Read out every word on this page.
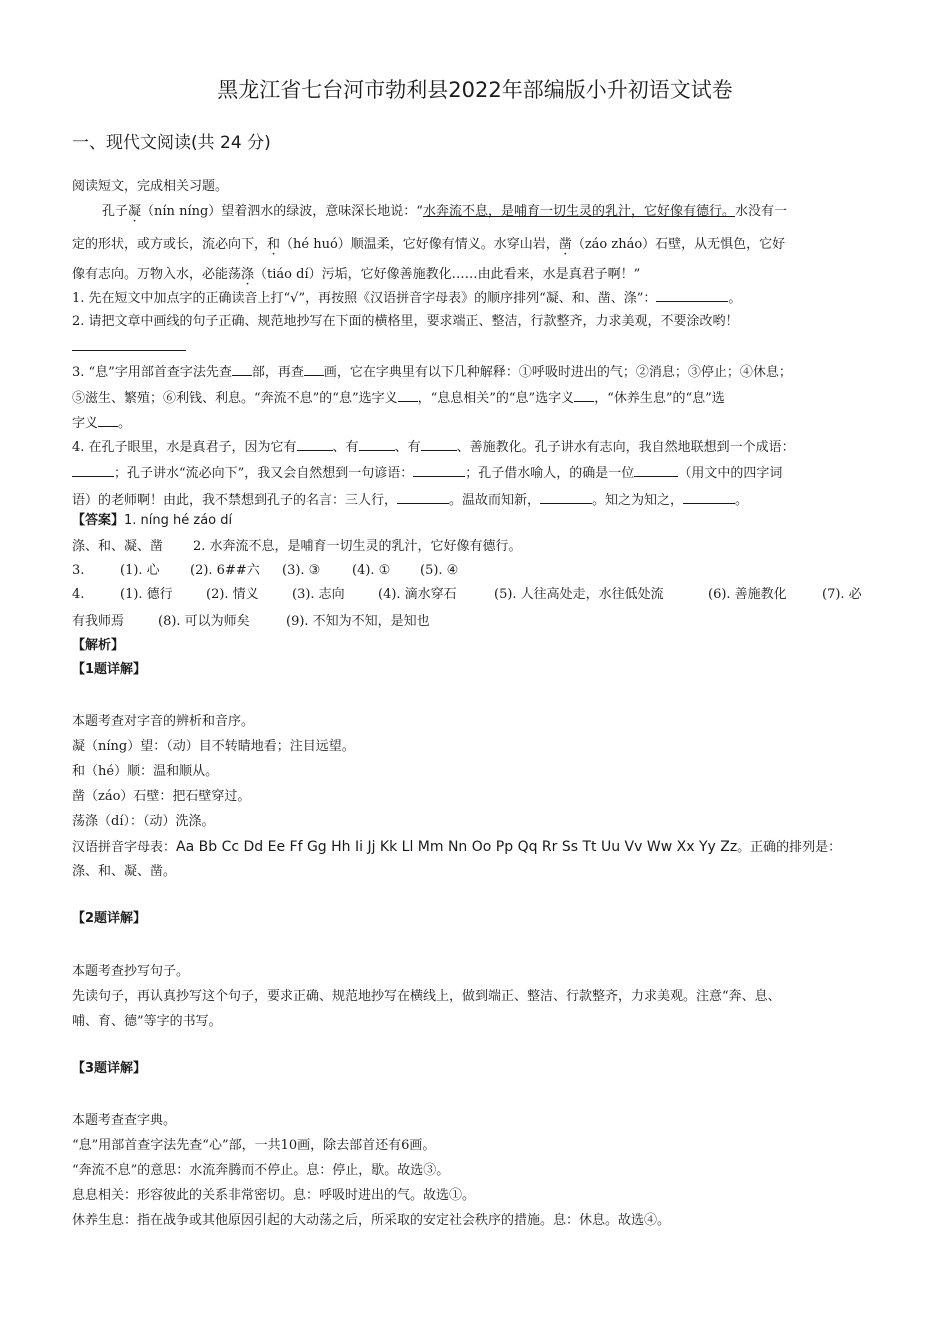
黑龙江省七台河市勃利县2022年部编版小升初语文试卷
一、现代文阅读(共 24 分)
阅读短文，完成相关习题。
孔子凝（nín níng）望着泗水的绿波，意味深长地说：“水奔流不息，是哺育一切生灵的乳汁，它好像有德行。水没有一
定的形状，或方或长，流必向下，和（hé huó）顺温柔，它好像有情义。水穿山岩，凿（záo zháo）石壁，从无惧色，它好
像有志向。万物入水，必能荡涤（tiáo dí）污垢，它好像善施教化……由此看来，水是真君子啊！”
1. 先在短文中加点字的正确读音上打“√”，再按照《汉语拼音字母表》的顺序排列“凝、和、凿、涤”：	。
2. 请把文章中画线的句子正确、规范地抄写在下面的横格里，要求端正、整洁，行款整齐，力求美观，不要涂改哟！
3. “息”字用部首查字法先查 部，再查 画，它在字典里有以下几种解释：①呼吸时进出的气；②消息；③停止；④休息；
⑤滋生、繁殖；⑥利钱、利息。“奔流不息”的“息”选字义 ，“息息相关”的“息”选字义 ，“休养生息”的“息”选
字义 。
4. 在孔子眼里，水是真君子，因为它有	、有	、有	、善施教化。孔子讲水有志向，我自然地联想到一个成语：
；孔子讲水“流必向下”，我又会自然想到一句谚语：	；孔子借水喻人，的确是一位	（用文中的四字词
语）的老师啊！由此，我不禁想到孔子的名言：三人行，	。温故而知新，	。知之为知之，	。
【答案】1. níng hé záo dí
涤、和、凝、凿 2. 水奔流不息，是哺育一切生灵的乳汁，它好像有德行。
3.	(1). 心 (2). 6##六 (3). ③ (4). ① (5). ④
4.	(1). 德行	(2). 情义	(3). 志向	(4). 滴水穿石	(5). 人往高处走，水往低处流	(6). 善施教化	(7). 必
有我师焉	(8). 可以为师矣	(9). 不知为不知，是知也
【解析】
【1题详解】
本题考查对字音的辨析和音序。
凝（níng）望：（动）目不转睛地看；注目远望。
和（hé）顺：温和顺从。
凿（záo）石壁：把石壁穿过。
荡涤（dí）：（动）洗涤。
汉语拼音字母表：Aa Bb Cc Dd Ee Ff Gg Hh Ii Jj Kk Ll Mm Nn Oo Pp Qq Rr Ss Tt Uu Vv Ww Xx Yy Zz。正确的排列是：
涤、和、凝、凿。
【2题详解】
本题考查抄写句子。
先读句子，再认真抄写这个句子，要求正确、规范地抄写在横线上，做到端正、整洁、行款整齐，力求美观。注意“奔、息、
哺、育、德”等字的书写。
【3题详解】
本题考查查字典。
“息”用部首查字法先查“心”部，一共10画，除去部首还有6画。
“奔流不息”的意思：水流奔腾而不停止。息：停止，歇。故选③。
息息相关：形容彼此的关系非常密切。息：呼吸时进出的气。故选①。
休养生息：指在战争或其他原因引起的大动荡之后，所采取的安定社会秩序的措施。息：休息。故选④。
